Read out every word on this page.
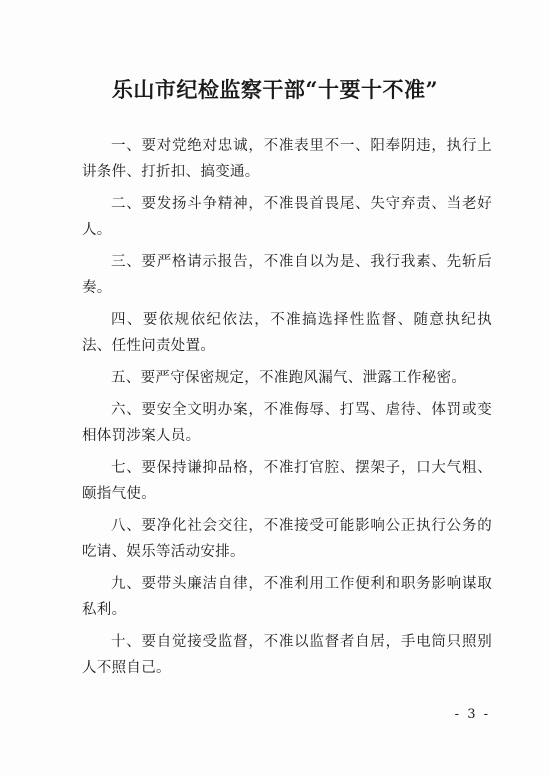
乐山市纪检监察干部“十要十不准”

一、要对党绝对忠诚，不准表里不一、阳奉阴违，执行上讲条件、打折扣、搞变通。

二、要发扬斗争精神，不准畏首畏尾、失守弃责、当老好人。

三、要严格请示报告，不准自以为是、我行我素、先斩后奏。

四、要依规依纪依法，不准搞选择性监督、随意执纪执法、任性问责处置。

五、要严守保密规定，不准跑风漏气、泄露工作秘密。

六、要安全文明办案，不准侮辱、打骂、虐待、体罚或变相体罚涉案人员。

七、要保持谦抑品格，不准打官腔、摆架子，口大气粗、颐指气使。

八、要净化社会交往，不准接受可能影响公正执行公务的吃请、娱乐等活动安排。

九、要带头廉洁自律，不准利用工作便利和职务影响谋取私利。

十、要自觉接受监督，不准以监督者自居，手电筒只照别人不照自己。

- 3 -
